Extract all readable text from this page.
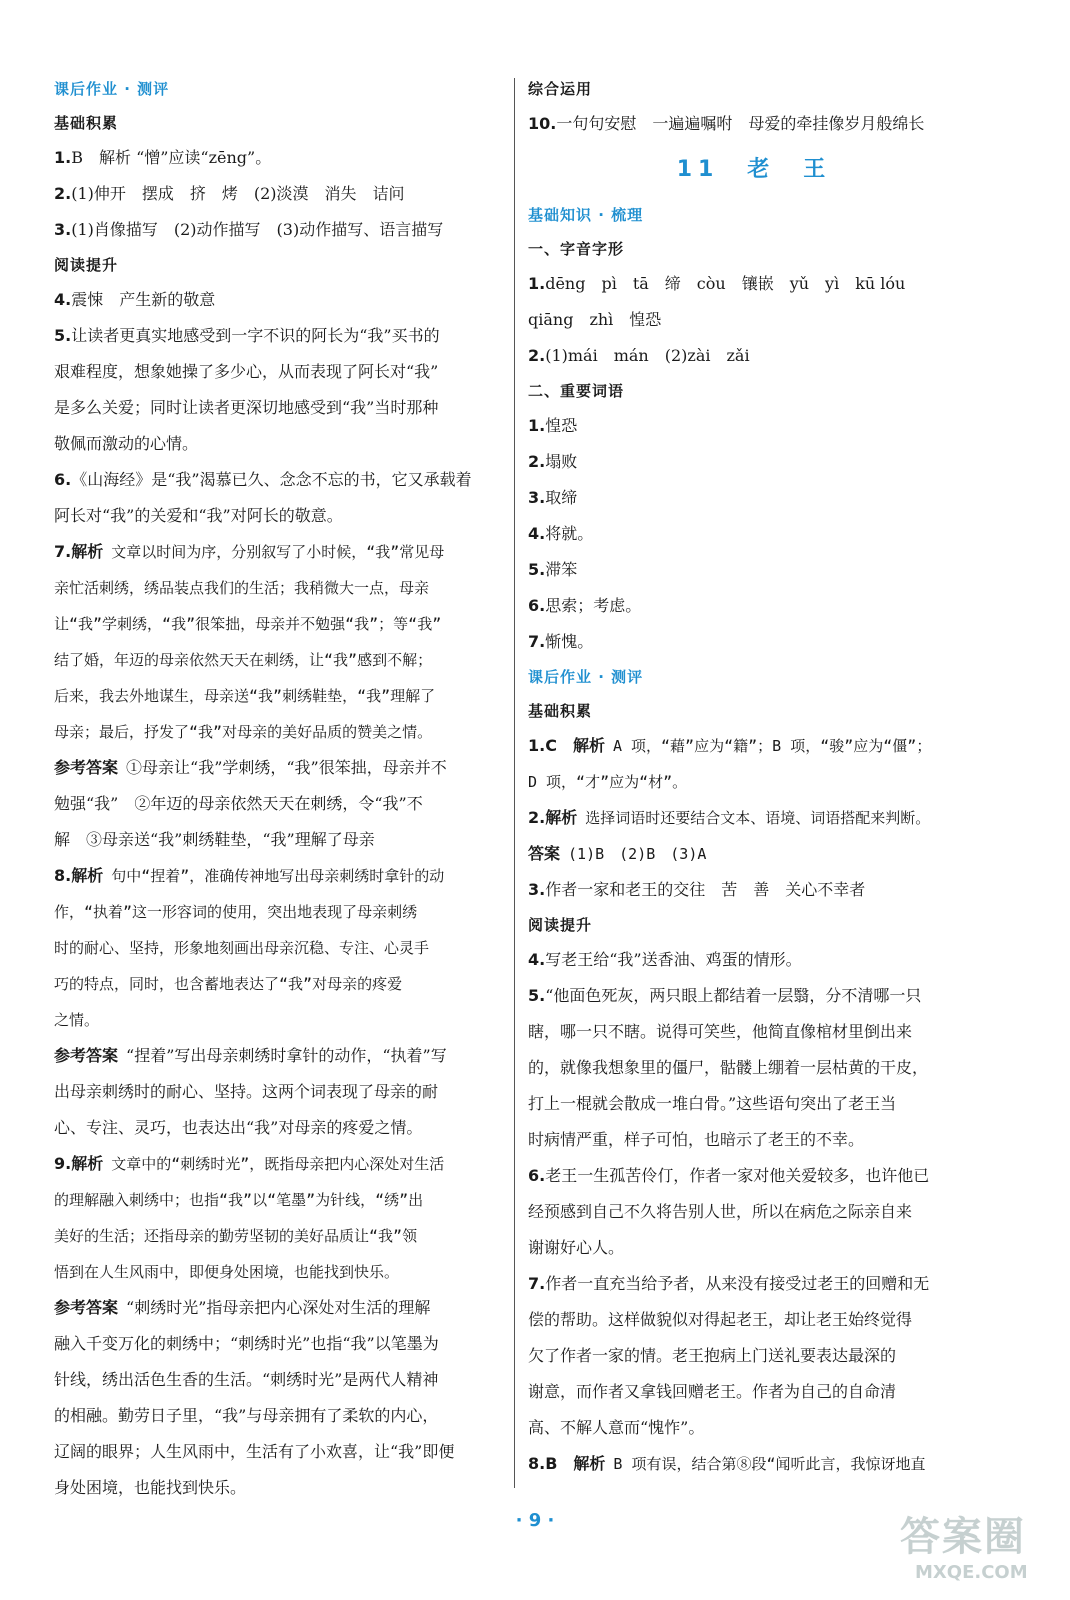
课后作业 · 测评
基础积累
1.B　解析 “憎”应读“zēng”。
2.(1)伸开　摆成　挤　烤　(2)淡漠　消失　诘问
3.(1)肖像描写　(2)动作描写　(3)动作描写、语言描写
阅读提升
4.震悚　产生新的敬意
5.让读者更真实地感受到一字不识的阿长为“我”买书的
艰难程度，想象她操了多少心，从而表现了阿长对“我”
是多么关爱；同时让读者更深切地感受到“我”当时那种
敬佩而激动的心情。
6.《山海经》是“我”渴慕已久、念念不忘的书，它又承载着
阿长对“我”的关爱和“我”对阿长的敬意。
7.解析 文章以时间为序，分别叙写了小时候，“我”常见母
亲忙活刺绣，绣品装点我们的生活；我稍微大一点，母亲
让“我”学刺绣，“我”很笨拙，母亲并不勉强“我”；等“我”
结了婚，年迈的母亲依然天天在刺绣，让“我”感到不解；
后来，我去外地谋生，母亲送“我”刺绣鞋垫，“我”理解了
母亲；最后，抒发了“我”对母亲的美好品质的赞美之情。
参考答案 ①母亲让“我”学刺绣，“我”很笨拙，母亲并不
勉强“我”　②年迈的母亲依然天天在刺绣，令“我”不
解　③母亲送“我”刺绣鞋垫，“我”理解了母亲
8.解析 句中“捏着”，准确传神地写出母亲刺绣时拿针的动
作，“执着”这一形容词的使用，突出地表现了母亲刺绣
时的耐心、坚持，形象地刻画出母亲沉稳、专注、心灵手
巧的特点，同时，也含蓄地表达了“我”对母亲的疼爱
之情。
参考答案 “捏着”写出母亲刺绣时拿针的动作，“执着”写
出母亲刺绣时的耐心、坚持。这两个词表现了母亲的耐
心、专注、灵巧，也表达出“我”对母亲的疼爱之情。
9.解析 文章中的“刺绣时光”，既指母亲把内心深处对生活
的理解融入刺绣中；也指“我”以“笔墨”为针线，“绣”出
美好的生活；还指母亲的勤劳坚韧的美好品质让“我”领
悟到在人生风雨中，即便身处困境，也能找到快乐。
参考答案 “刺绣时光”指母亲把内心深处对生活的理解
融入千变万化的刺绣中；“刺绣时光”也指“我”以笔墨为
针线，绣出活色生香的生活。“刺绣时光”是两代人精神
的相融。勤劳日子里，“我”与母亲拥有了柔软的内心，
辽阔的眼界；人生风雨中，生活有了小欢喜，让“我”即便
身处困境，也能找到快乐。
综合运用
10.一句句安慰　一遍遍嘱咐　母爱的牵挂像岁月般绵长
11　老　王
基础知识 · 梳理
一、字音字形
1.dēng　pì　tā　缔　còu　镶嵌　yǔ　yì　kū lóu
qiāng　zhì　惶恐
2.(1)mái　mán　(2)zài　zǎi
二、重要词语
1.惶恐
2.塌败
3.取缔
4.将就。
5.滞笨
6.思索；考虑。
7.惭愧。
课后作业 · 测评
基础积累
1.C　解析 A 项，“藉”应为“籍”；B 项，“骏”应为“僵”；
D 项，“才”应为“材”。
2.解析 选择词语时还要结合文本、语境、词语搭配来判断。
答案 (1)B　(2)B　(3)A
3.作者一家和老王的交往　苦　善　关心不幸者
阅读提升
4.写老王给“我”送香油、鸡蛋的情形。
5.“他面色死灰，两只眼上都结着一层翳，分不清哪一只
瞎，哪一只不瞎。说得可笑些，他简直像棺材里倒出来
的，就像我想象里的僵尸，骷髅上绷着一层枯黄的干皮，
打上一棍就会散成一堆白骨。”这些语句突出了老王当
时病情严重，样子可怕，也暗示了老王的不幸。
6.老王一生孤苦伶仃，作者一家对他关爱较多，也许他已
经预感到自己不久将告别人世，所以在病危之际亲自来
谢谢好心人。
7.作者一直充当给予者，从来没有接受过老王的回赠和无
偿的帮助。这样做貌似对得起老王，却让老王始终觉得
欠了作者一家的情。老王抱病上门送礼要表达最深的
谢意，而作者又拿钱回赠老王。作者为自己的自命清
高、不解人意而“愧怍”。
8.B　解析 B 项有误，结合第⑧段“闻听此言，我惊讶地直
· 9 ·	答案圈
MXQE.COM
